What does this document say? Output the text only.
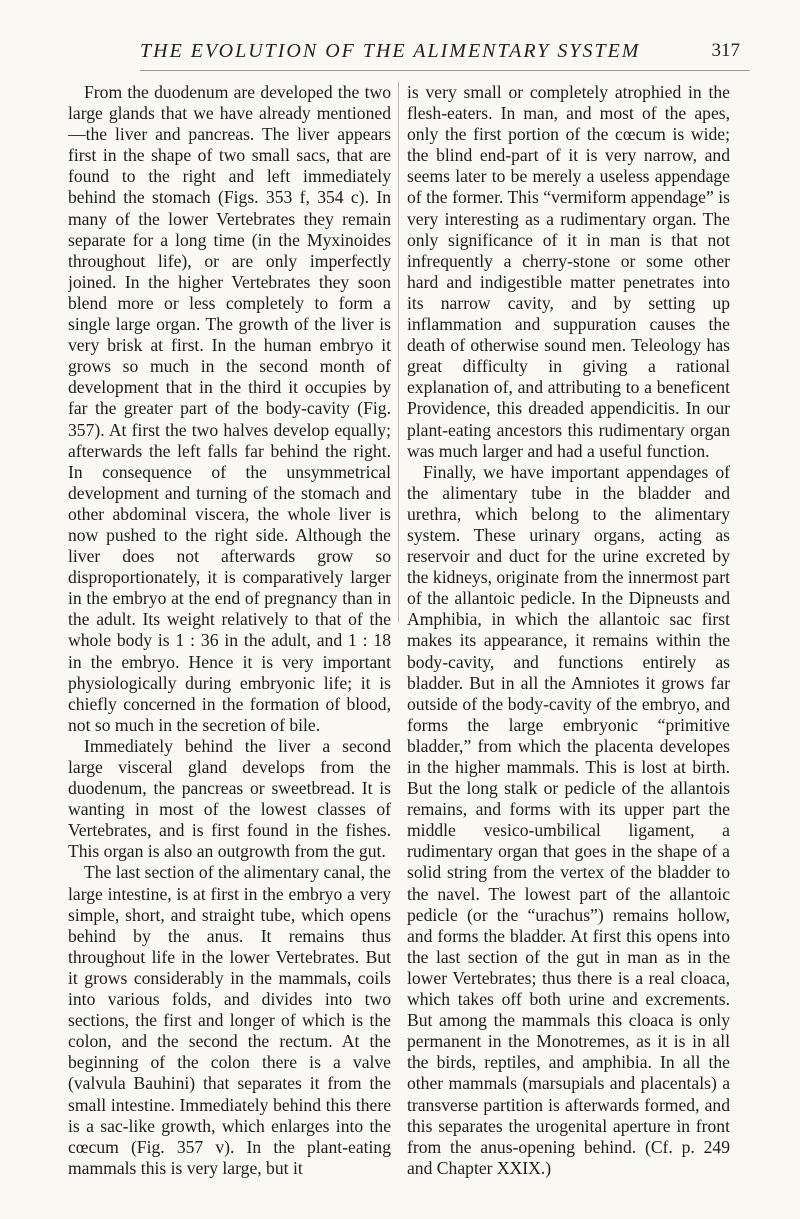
THE EVOLUTION OF THE ALIMENTARY SYSTEM	317

From the duodenum are developed the two large glands that we have already mentioned—the liver and pancreas. The liver appears first in the shape of two small sacs, that are found to the right and left immediately behind the stomach (Figs. 353 f, 354 c). In many of the lower Vertebrates they remain separate for a long time (in the Myxinoides throughout life), or are only imperfectly joined. In the higher Vertebrates they soon blend more or less completely to form a single large organ. The growth of the liver is very brisk at first. In the human embryo it grows so much in the second month of development that in the third it occupies by far the greater part of the body-cavity (Fig. 357). At first the two halves develop equally; afterwards the left falls far behind the right. In consequence of the unsymmetrical development and turning of the stomach and other abdominal viscera, the whole liver is now pushed to the right side. Although the liver does not afterwards grow so disproportionately, it is comparatively larger in the embryo at the end of pregnancy than in the adult. Its weight relatively to that of the whole body is 1 : 36 in the adult, and 1 : 18 in the embryo. Hence it is very important physiologically during embryonic life; it is chiefly concerned in the formation of blood, not so much in the secretion of bile.

Immediately behind the liver a second large visceral gland develops from the duodenum, the pancreas or sweetbread. It is wanting in most of the lowest classes of Vertebrates, and is first found in the fishes. This organ is also an outgrowth from the gut.

The last section of the alimentary canal, the large intestine, is at first in the embryo a very simple, short, and straight tube, which opens behind by the anus. It remains thus throughout life in the lower Vertebrates. But it grows considerably in the mammals, coils into various folds, and divides into two sections, the first and longer of which is the colon, and the second the rectum. At the beginning of the colon there is a valve (valvula Bauhini) that separates it from the small intestine. Immediately behind this there is a sac-like growth, which enlarges into the cœcum (Fig. 357 v). In the plant-eating mammals this is very large, but it

is very small or completely atrophied in the flesh-eaters. In man, and most of the apes, only the first portion of the cœcum is wide; the blind end-part of it is very narrow, and seems later to be merely a useless appendage of the former. This “vermiform appendage” is very interesting as a rudimentary organ. The only significance of it in man is that not infrequently a cherry-stone or some other hard and indigestible matter penetrates into its narrow cavity, and by setting up inflammation and suppuration causes the death of otherwise sound men. Teleology has great difficulty in giving a rational explanation of, and attributing to a beneficent Providence, this dreaded appendicitis. In our plant-eating ancestors this rudimentary organ was much larger and had a useful function.

Finally, we have important appendages of the alimentary tube in the bladder and urethra, which belong to the alimentary system. These urinary organs, acting as reservoir and duct for the urine excreted by the kidneys, originate from the innermost part of the allantoic pedicle. In the Dipneusts and Amphibia, in which the allantoic sac first makes its appearance, it remains within the body-cavity, and functions entirely as bladder. But in all the Amniotes it grows far outside of the body-cavity of the embryo, and forms the large embryonic “primitive bladder,” from which the placenta developes in the higher mammals. This is lost at birth. But the long stalk or pedicle of the allantois remains, and forms with its upper part the middle vesico-umbilical ligament, a rudimentary organ that goes in the shape of a solid string from the vertex of the bladder to the navel. The lowest part of the allantoic pedicle (or the “urachus”) remains hollow, and forms the bladder. At first this opens into the last section of the gut in man as in the lower Vertebrates; thus there is a real cloaca, which takes off both urine and excrements. But among the mammals this cloaca is only permanent in the Monotremes, as it is in all the birds, reptiles, and amphibia. In all the other mammals (marsupials and placentals) a transverse partition is afterwards formed, and this separates the urogenital aperture in front from the anus-opening behind. (Cf. p. 249 and Chapter XXIX.)
